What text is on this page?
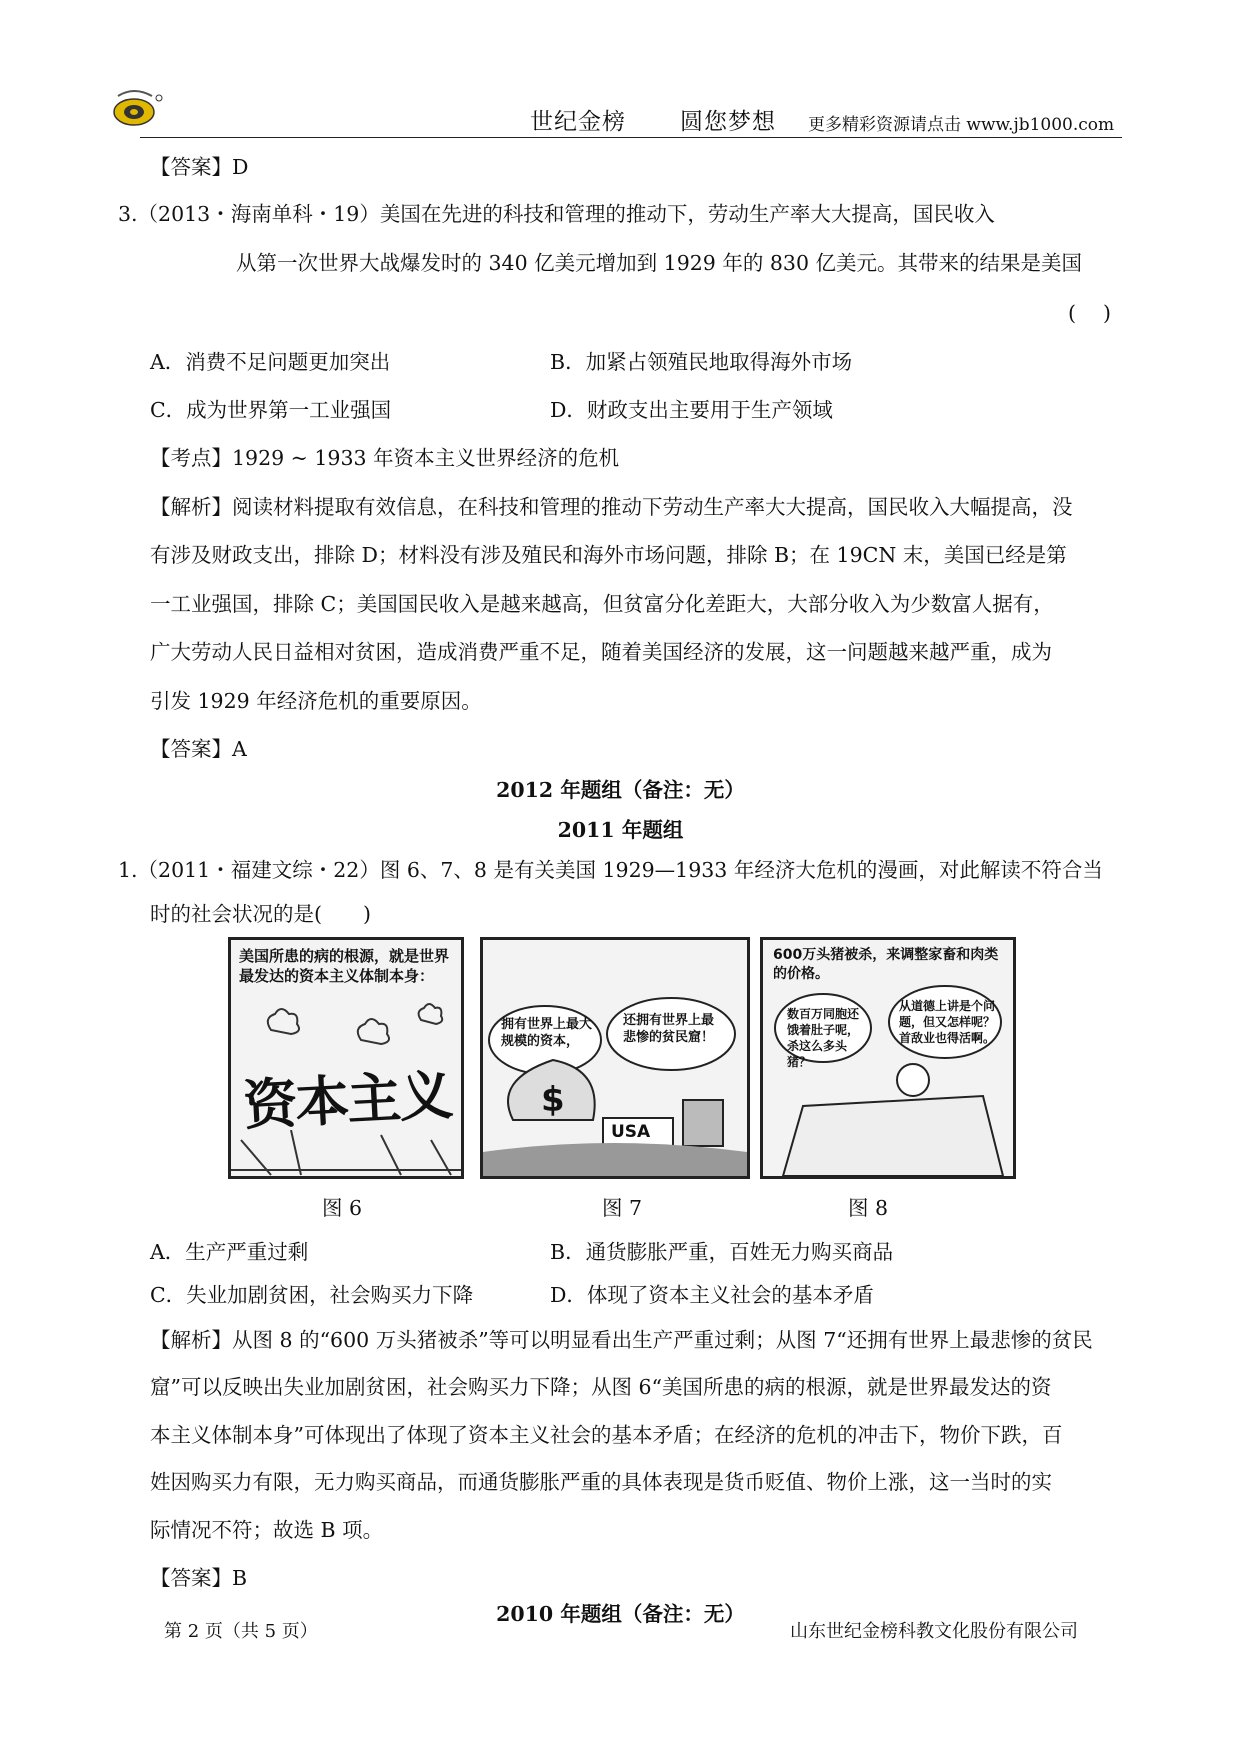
世纪金榜 圆您梦想 更多精彩资源请点击 www.jb1000.com
【答案】D
3.（2013・海南单科・19）美国在先进的科技和管理的推动下，劳动生产率大大提高，国民收入
从第一次世界大战爆发时的 340 亿美元增加到 1929 年的 830 亿美元。其带来的结果是美国
(　 )
A．消费不足问题更加突出	B．加紧占领殖民地取得海外市场
C．成为世界第一工业强国	D．财政支出主要用于生产领域
【考点】1929 ~ 1933 年资本主义世界经济的危机
【解析】阅读材料提取有效信息，在科技和管理的推动下劳动生产率大大提高，国民收入大幅提高，没
有涉及财政支出，排除 D；材料没有涉及殖民和海外市场问题，排除 B；在 19CN 末，美国已经是第
一工业强国，排除 C；美国国民收入是越来越高，但贫富分化差距大，大部分收入为少数富人据有，
广大劳动人民日益相对贫困，造成消费严重不足，随着美国经济的发展，这一问题越来越严重，成为
引发 1929 年经济危机的重要原因。
【答案】A
2012 年题组（备注：无）
2011 年题组
1.（2011・福建文综・22）图 6、7、8 是有关美国 1929—1933 年经济大危机的漫画，对此解读不符合当
时的社会状况的是(　　)
美国所患的病的根源，就是世界最发达的资本主义体制本身：
资本主义
拥有世界上最大规模的资本，
还拥有世界上最悲惨的贫民窟！
$
USA
600万头猪被杀，来调整家畜和肉类的价格。
数百万同胞还饿着肚子呢，杀这么多头猪？
从道德上讲是个问题，但又怎样呢？首敌业也得活啊。
图 6	图 7	图 8
A．生产严重过剩	B．通货膨胀严重，百姓无力购买商品
C．失业加剧贫困，社会购买力下降	D．体现了资本主义社会的基本矛盾
【解析】从图 8 的“600 万头猪被杀”等可以明显看出生产严重过剩；从图 7“还拥有世界上最悲惨的贫民
窟”可以反映出失业加剧贫困，社会购买力下降；从图 6“美国所患的病的根源，就是世界最发达的资
本主义体制本身”可体现出了体现了资本主义社会的基本矛盾；在经济的危机的冲击下，物价下跌，百
姓因购买力有限，无力购买商品，而通货膨胀严重的具体表现是货币贬值、物价上涨，这一当时的实
际情况不符；故选 B 项。
【答案】B
2010 年题组（备注：无）
第 2 页（共 5 页）	山东世纪金榜科教文化股份有限公司
